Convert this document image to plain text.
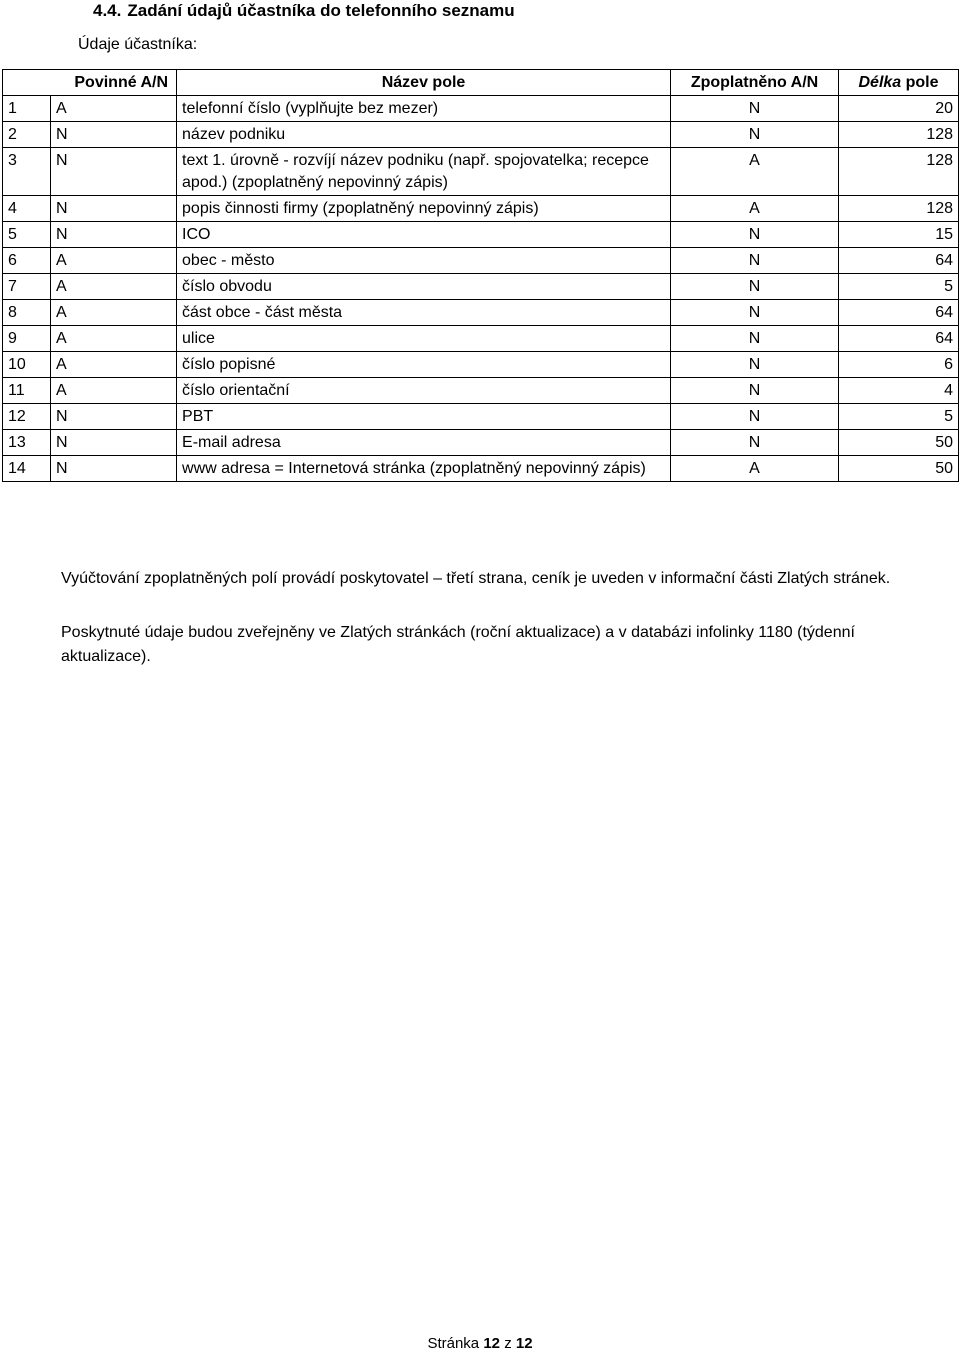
4.4. Zadání údajů účastníka do telefonního seznamu
Údaje účastníka:
Povinné A/N		Název pole	Zpoplatněno A/N	Délka pole
1	A	telefonní číslo (vyplňujte bez mezer)	N	20
2	N	název podniku	N	128
3	N	text 1. úrovně - rozvíjí název podniku (např. spojovatelka; recepce apod.) (zpoplatněný nepovinný zápis)	A	128
4	N	popis činnosti firmy (zpoplatněný nepovinný zápis)	A	128
5	N	ICO	N	15
6	A	obec - město	N	64
7	A	číslo obvodu	N	5
8	A	část obce - část města	N	64
9	A	ulice	N	64
10	A	číslo popisné	N	6
11	A	číslo orientační	N	4
12	N	PBT	N	5
13	N	E-mail adresa	N	50
14	N	www adresa = Internetová stránka (zpoplatněný nepovinný zápis)	A	50
Vyúčtování zpoplatněných polí provádí poskytovatel – třetí strana, ceník je uveden v informační části Zlatých stránek.
Poskytnuté údaje budou zveřejněny ve Zlatých stránkách (roční aktualizace) a v databázi infolinky 1180 (týdenní aktualizace).
Stránka 12 z 12
